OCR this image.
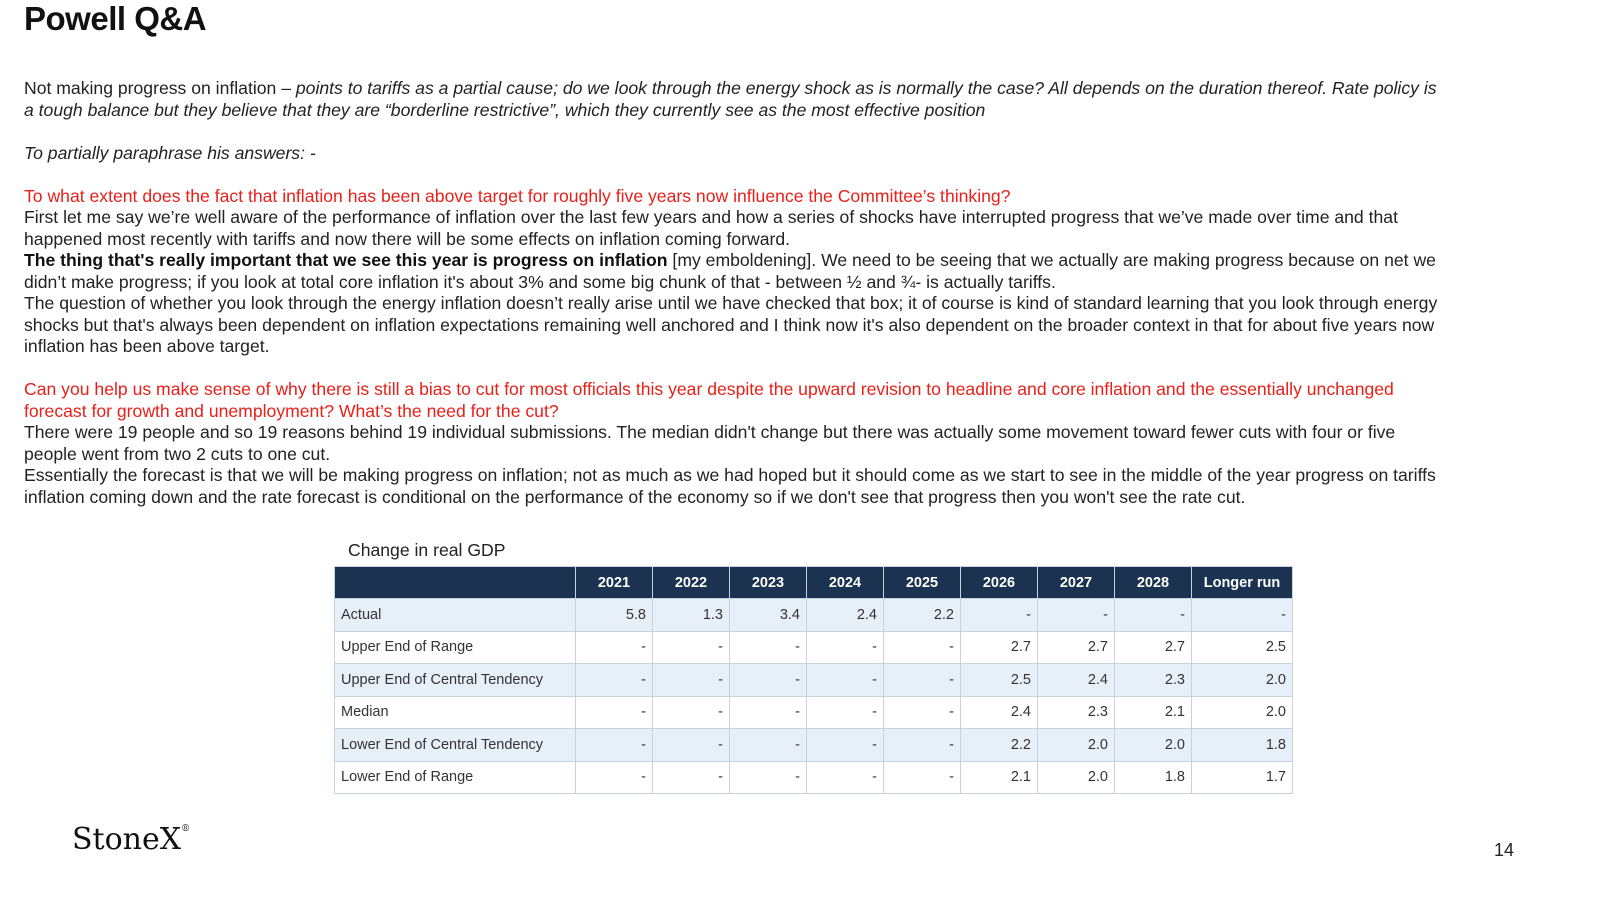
Powell Q&A

Not making progress on inflation – points to tariffs as a partial cause; do we look through the energy shock as is normally the case? All depends on the duration thereof. Rate policy is a tough balance but they believe that they are “borderline restrictive”, which they currently see as the most effective position

To partially paraphrase his answers: -

To what extent does the fact that inflation has been above target for roughly five years now influence the Committee’s thinking?

First let me say we’re well aware of the performance of inflation over the last few years and how a series of shocks have interrupted progress that we’ve made over time and that happened most recently with tariffs and now there will be some effects on inflation coming forward.

The thing that's really important that we see this year is progress on inflation [my emboldening]. We need to be seeing that we actually are making progress because on net we didn’t make progress; if you look at total core inflation it's about 3% and some big chunk of that - between ½ and ¾- is actually tariffs.

The question of whether you look through the energy inflation doesn’t really arise until we have checked that box; it of course is kind of standard learning that you look through energy shocks but that's always been dependent on inflation expectations remaining well anchored and I think now it's also dependent on the broader context in that for about five years now inflation has been above target.

Can you help us make sense of why there is still a bias to cut for most officials this year despite the upward revision to headline and core inflation and the essentially unchanged forecast for growth and unemployment? What’s the need for the cut?

There were 19 people and so 19 reasons behind 19 individual submissions. The median didn't change but there was actually some movement toward fewer cuts with four or five people went from two 2 cuts to one cut.

Essentially the forecast is that we will be making progress on inflation; not as much as we had hoped but it should come as we start to see in the middle of the year progress on tariffs inflation coming down and the rate forecast is conditional on the performance of the economy so if we don't see that progress then you won't see the rate cut.

Change in real GDP
	2021	2022	2023	2024	2025	2026	2027	2028	Longer run
Actual	5.8	1.3	3.4	2.4	2.2	-	-	-	-
Upper End of Range	-	-	-	-	-	2.7	2.7	2.7	2.5
Upper End of Central Tendency	-	-	-	-	-	2.5	2.4	2.3	2.0
Median	-	-	-	-	-	2.4	2.3	2.1	2.0
Lower End of Central Tendency	-	-	-	-	-	2.2	2.0	2.0	1.8
Lower End of Range	-	-	-	-	-	2.1	2.0	1.8	1.7
StoneX®
14
